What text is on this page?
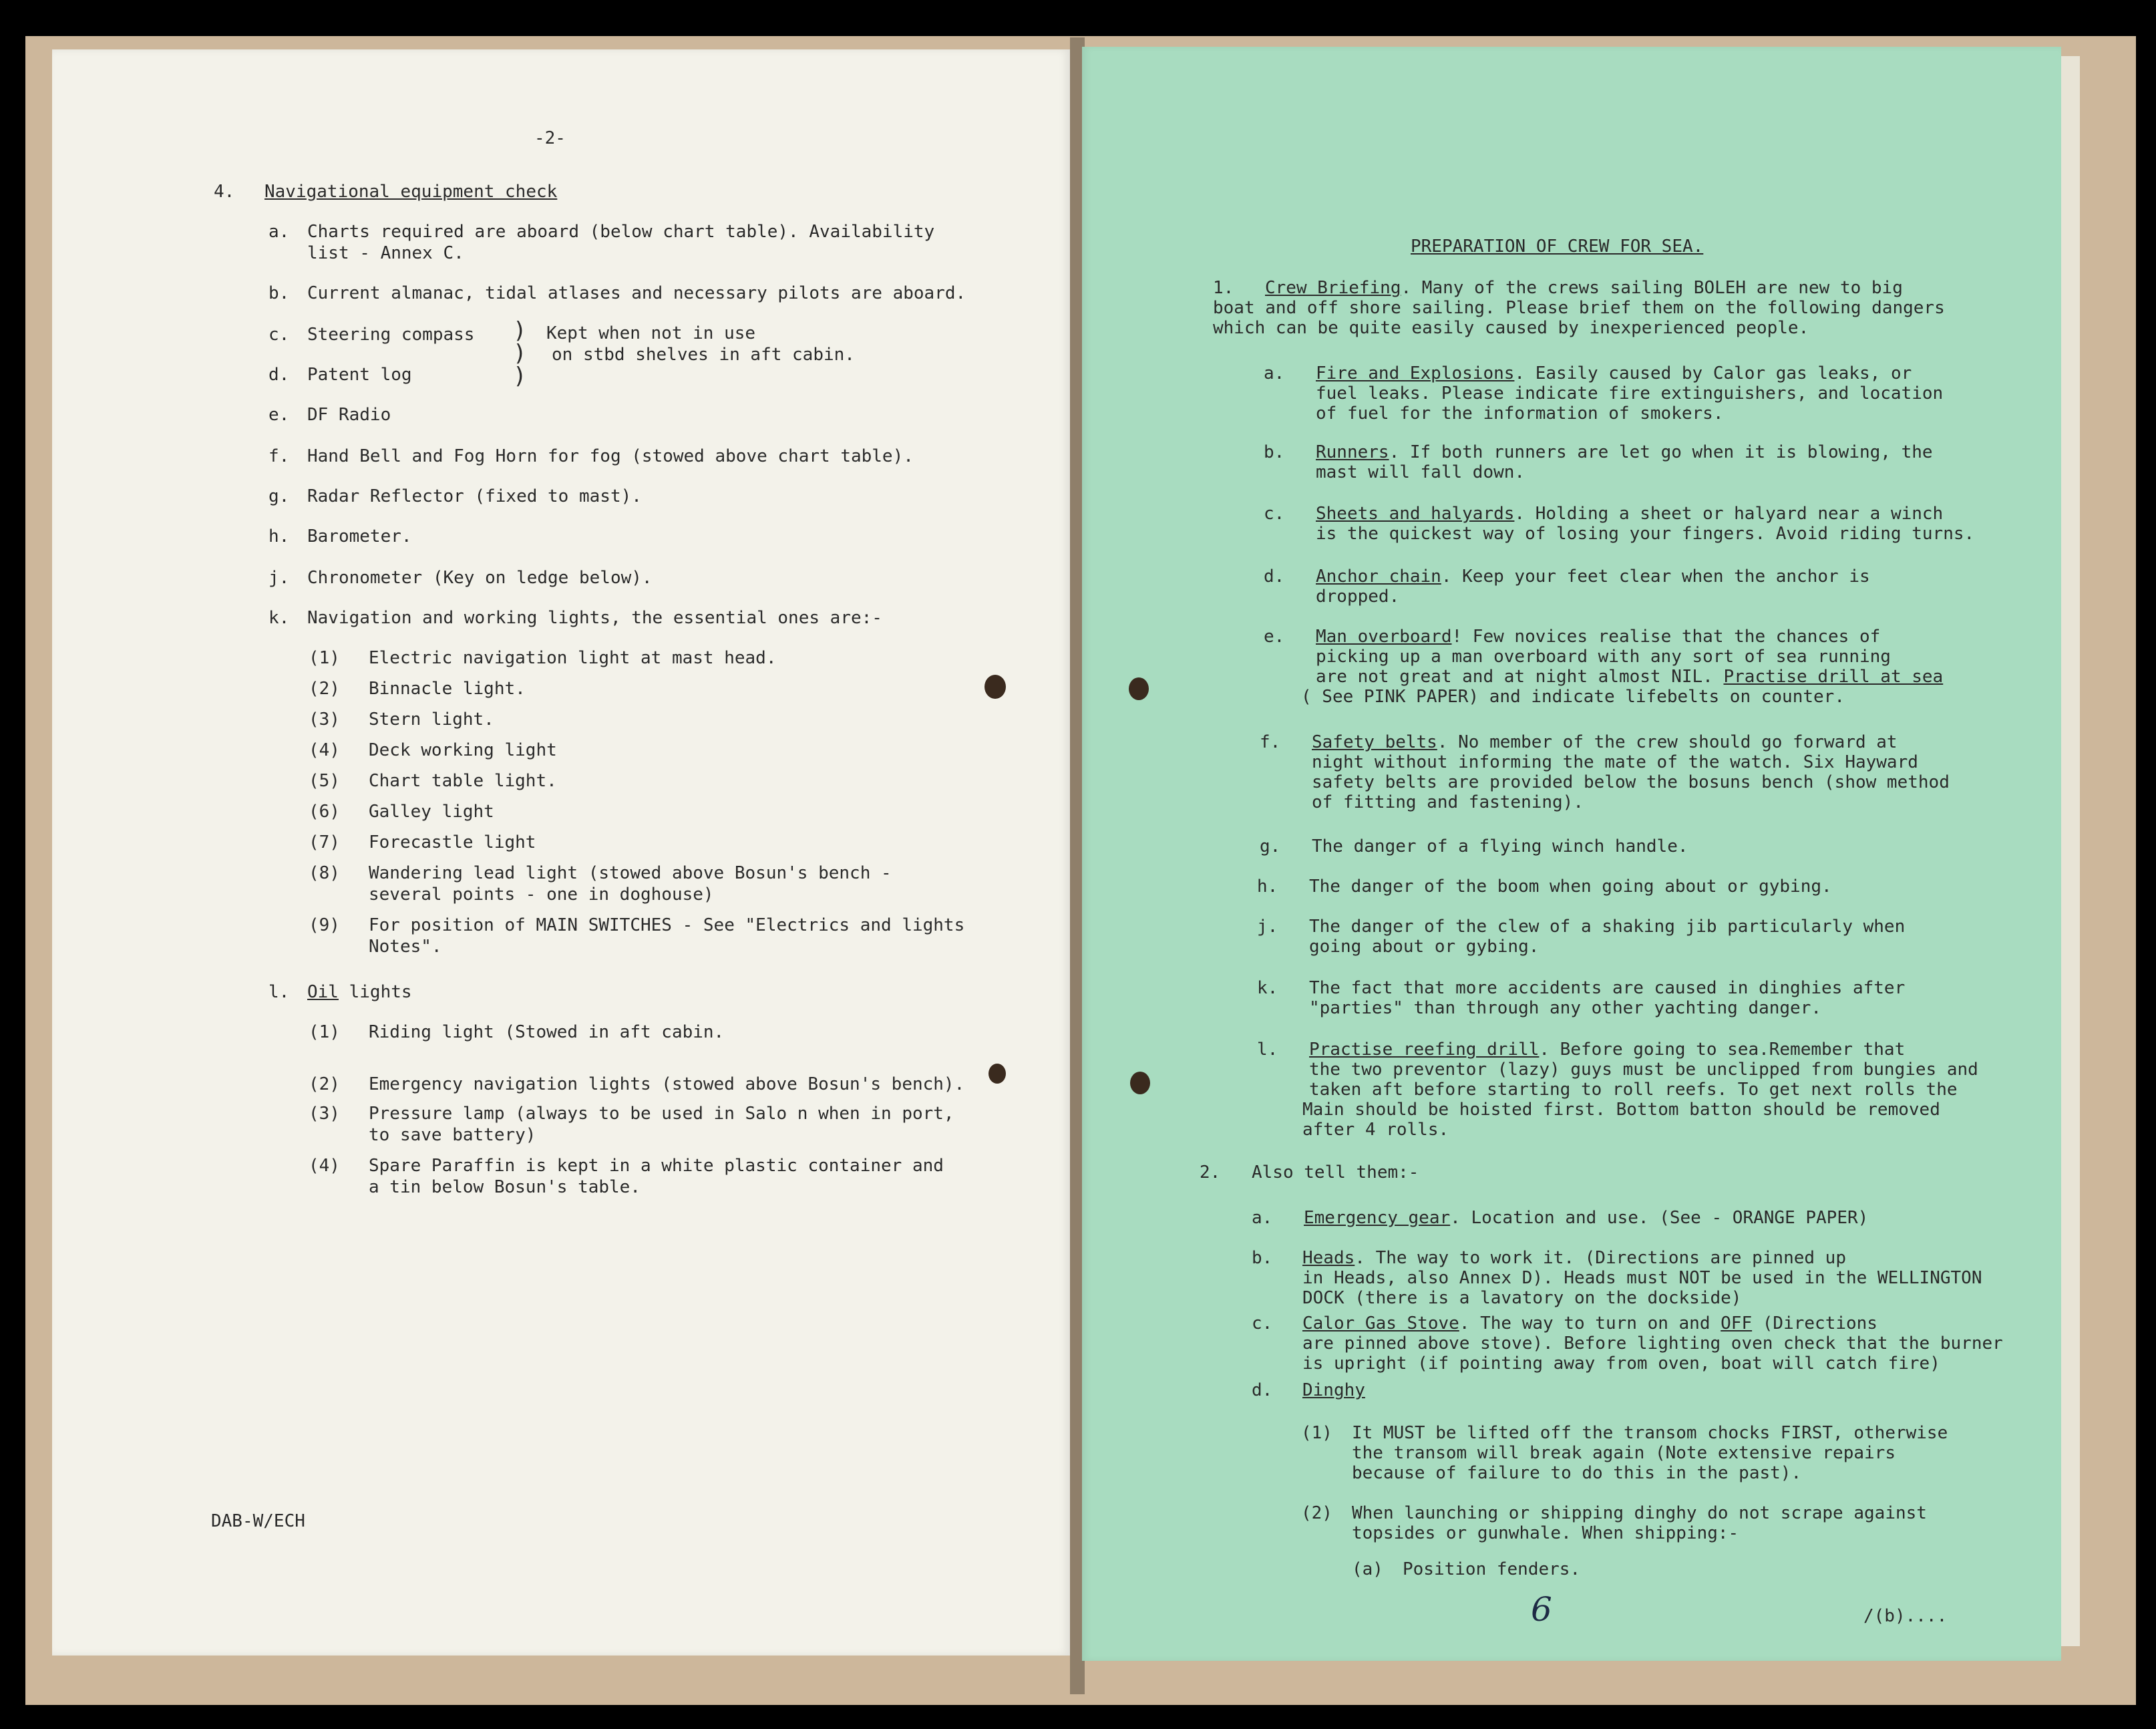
-2-
4. Navigational equipment check
a. Charts required are aboard (below chart table). Availability
list - Annex C.
b. Current almanac, tidal atlases and necessary pilots are aboard.
c. Steering compass )
)
)
Kept when not in use
on stbd shelves in aft cabin.
d. Patent log
e. DF Radio
f. Hand Bell and Fog Horn for fog (stowed above chart table).
g. Radar Reflector (fixed to mast).
h. Barometer.
j. Chronometer (Key on ledge below).
k. Navigation and working lights, the essential ones are:-
(1) Electric navigation light at mast head.
(2) Binnacle light.
(3) Stern light.
(4) Deck working light
(5) Chart table light.
(6) Galley light
(7) Forecastle light
(8) Wandering lead light (stowed above Bosun's bench -
several points - one in doghouse)
(9) For position of MAIN SWITCHES - See "Electrics and lights
Notes".
l. Oil lights
(1) Riding light (Stowed in aft cabin.
(2) Emergency navigation lights (stowed above Bosun's bench).
(3) Pressure lamp (always to be used in Salo n when in port,
to save battery)
(4) Spare Paraffin is kept in a white plastic container and
a tin below Bosun's table.
DAB-W/ECH
PREPARATION OF CREW FOR SEA.
1. Crew Briefing. Many of the crews sailing BOLEH are new to big
boat and off shore sailing. Please brief them on the following dangers
which can be quite easily caused by inexperienced people.
a. Fire and Explosions. Easily caused by Calor gas leaks, or
fuel leaks. Please indicate fire extinguishers, and location
of fuel for the information of smokers.
b. Runners. If both runners are let go when it is blowing, the
mast will fall down.
c. Sheets and halyards. Holding a sheet or halyard near a winch
is the quickest way of losing your fingers. Avoid riding turns.
d. Anchor chain. Keep your feet clear when the anchor is
dropped.
e. Man overboard! Few novices realise that the chances of
picking up a man overboard with any sort of sea running
are not great and at night almost NIL. Practise drill at sea
( See PINK PAPER) and indicate lifebelts on counter.
f. Safety belts. No member of the crew should go forward at
night without informing the mate of the watch. Six Hayward
safety belts are provided below the bosuns bench (show method
of fitting and fastening).
g. The danger of a flying winch handle.
h. The danger of the boom when going about or gybing.
j. The danger of the clew of a shaking jib particularly when
going about or gybing.
k. The fact that more accidents are caused in dinghies after
"parties" than through any other yachting danger.
l. Practise reefing drill. Before going to sea.Remember that
the two preventor (lazy) guys must be unclipped from bungies and
taken aft before starting to roll reefs. To get next rolls the
Main should be hoisted first. Bottom batton should be removed
after 4 rolls.
2. Also tell them:-
a. Emergency gear. Location and use. (See - ORANGE PAPER)
b. Heads. The way to work it. (Directions are pinned up
in Heads, also Annex D). Heads must NOT be used in the WELLINGTON
DOCK (there is a lavatory on the dockside)
c. Calor Gas Stove. The way to turn on and OFF (Directions
are pinned above stove). Before lighting oven check that the burner
is upright (if pointing away from oven, boat will catch fire)
d. Dinghy
(1) It MUST be lifted off the transom chocks FIRST, otherwise
the transom will break again (Note extensive repairs
because of failure to do this in the past).
(2) When launching or shipping dinghy do not scrape against
topsides or gunwhale. When shipping:-
(a) Position fenders.
6	/(b)....
